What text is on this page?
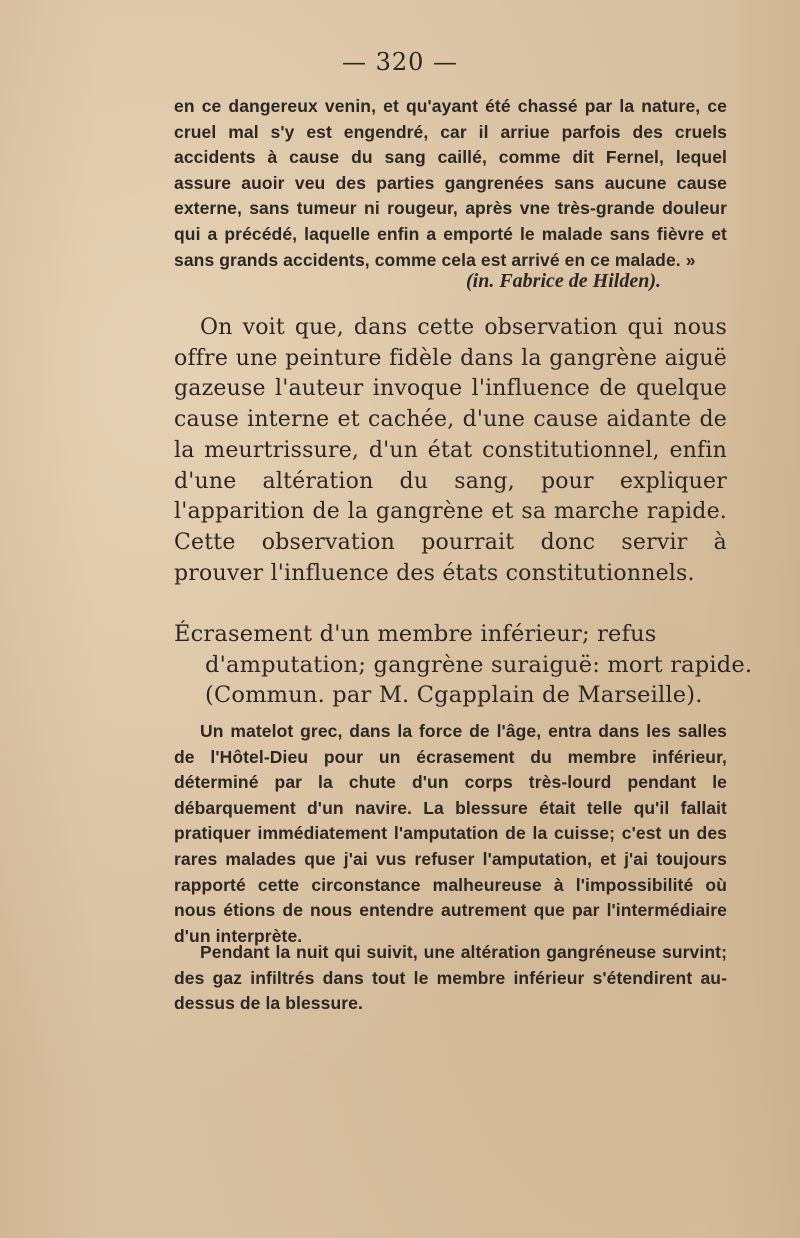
— 320 —

en ce dangereux venin, et qu'ayant été chassé par la nature, ce cruel mal s'y est engendré, car il arriue parfois des cruels accidents à cause du sang caillé, comme dit Fernel, lequel assure auoir veu des parties gangrenées sans aucune cause externe, sans tumeur ni rougeur, après vne très-grande douleur qui a précédé, laquelle enfin a emporté le malade sans fièvre et sans grands accidents, comme cela est arrivé en ce malade. »

(in. Fabrice de Hilden).

On voit que, dans cette observation qui nous offre une peinture fidèle dans la gangrène aiguë gazeuse l'auteur invoque l'influence de quelque cause interne et cachée, d'une cause aidante de la meurtrissure, d'un état constitutionnel, enfin d'une altération du sang, pour expliquer l'apparition de la gangrène et sa marche rapide. Cette observation pourrait donc servir à prouver l'influence des états constitutionnels.

Écrasement d'un membre inférieur; refus d'amputation; gangrène suraiguë: mort rapide. (Commun. par M. Cgapplain de Marseille).

Un matelot grec, dans la force de l'âge, entra dans les salles de l'Hôtel-Dieu pour un écrasement du membre inférieur, déterminé par la chute d'un corps très-lourd pendant le débarquement d'un navire. La blessure était telle qu'il fallait pratiquer immédiatement l'amputation de la cuisse; c'est un des rares malades que j'ai vus refuser l'amputation, et j'ai toujours rapporté cette circonstance malheureuse à l'impossibilité où nous étions de nous entendre autrement que par l'intermédiaire d'un interprète.

Pendant la nuit qui suivit, une altération gangréneuse survint; des gaz infiltrés dans tout le membre inférieur s'étendirent au-dessus de la blessure.
